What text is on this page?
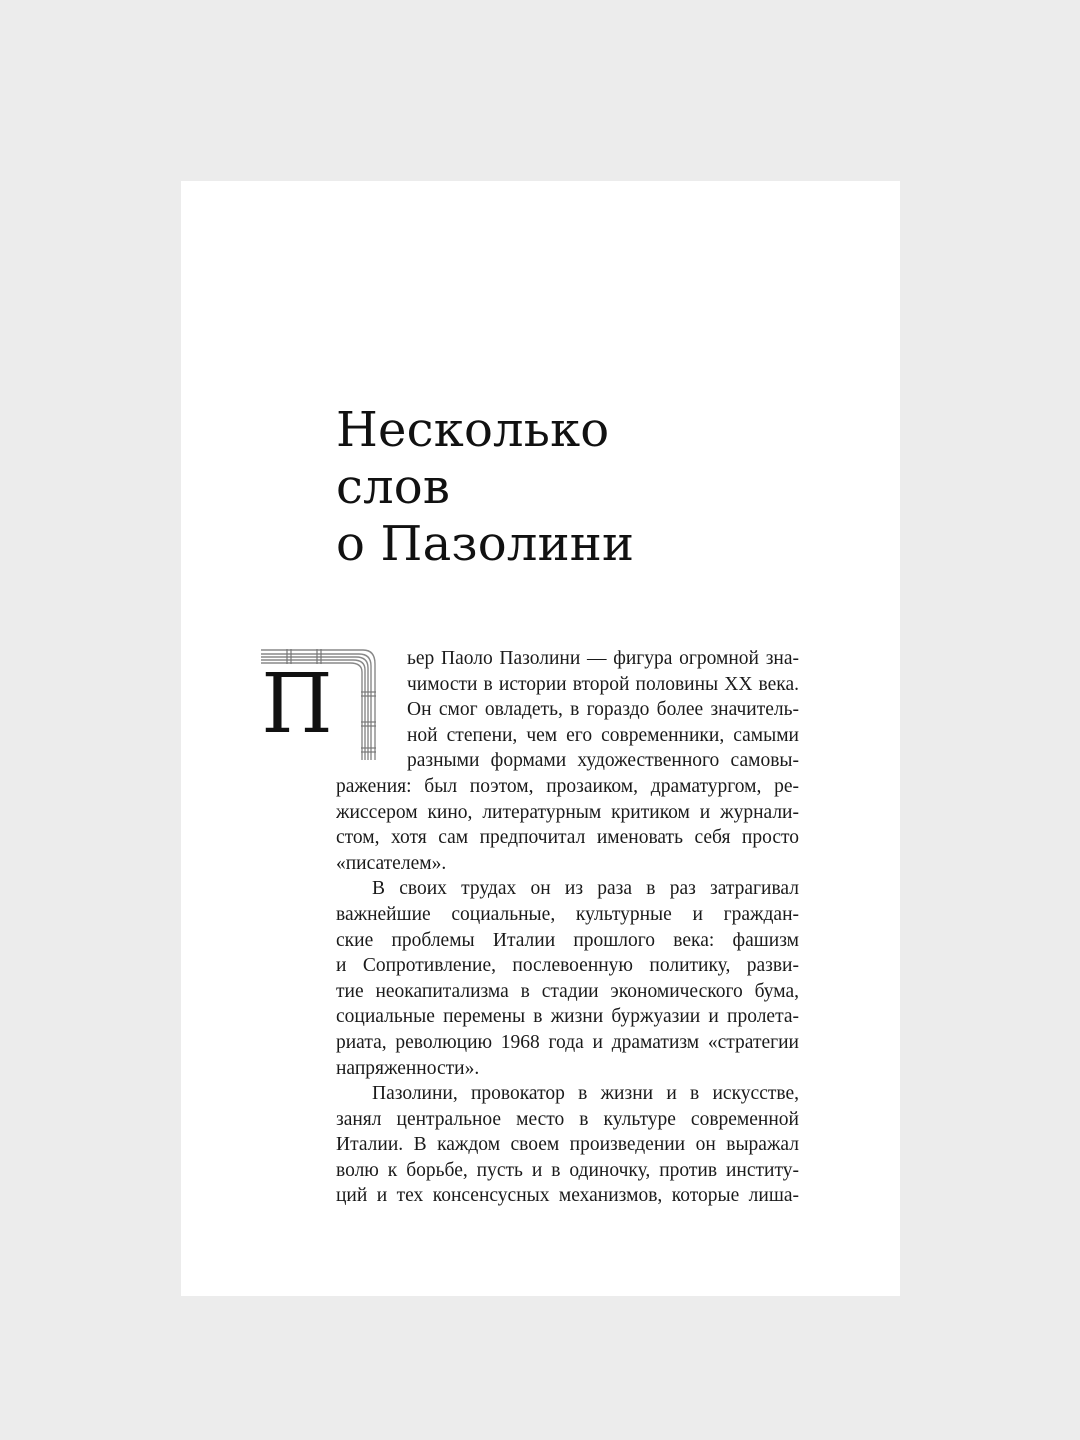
Несколько
слов
о Пазолини
П	ьер Паоло Пазолини — фигура огромной зна-
чимости в истории второй половины XX века.
Он смог овладеть, в гораздо более значитель-
ной степени, чем его современники, самыми
разными формами художественного самовы-
ражения: был поэтом, прозаиком, драматургом, ре-
жиссером кино, литературным критиком и журнали-
стом, хотя сам предпочитал именовать себя просто
«писателем».
В своих трудах он из раза в раз затрагивал
важнейшие социальные, культурные и граждан-
ские проблемы Италии прошлого века: фашизм
и Сопротивление, послевоенную политику, разви-
тие неокапитализма в стадии экономического бума,
социальные перемены в жизни буржуазии и пролета-
риата, революцию 1968 года и драматизм «стратегии
напряженности».
Пазолини, провокатор в жизни и в искусстве,
занял центральное место в культуре современной
Италии. В каждом своем произведении он выражал
волю к борьбе, пусть и в одиночку, против институ-
ций и тех консенсусных механизмов, которые лиша-
